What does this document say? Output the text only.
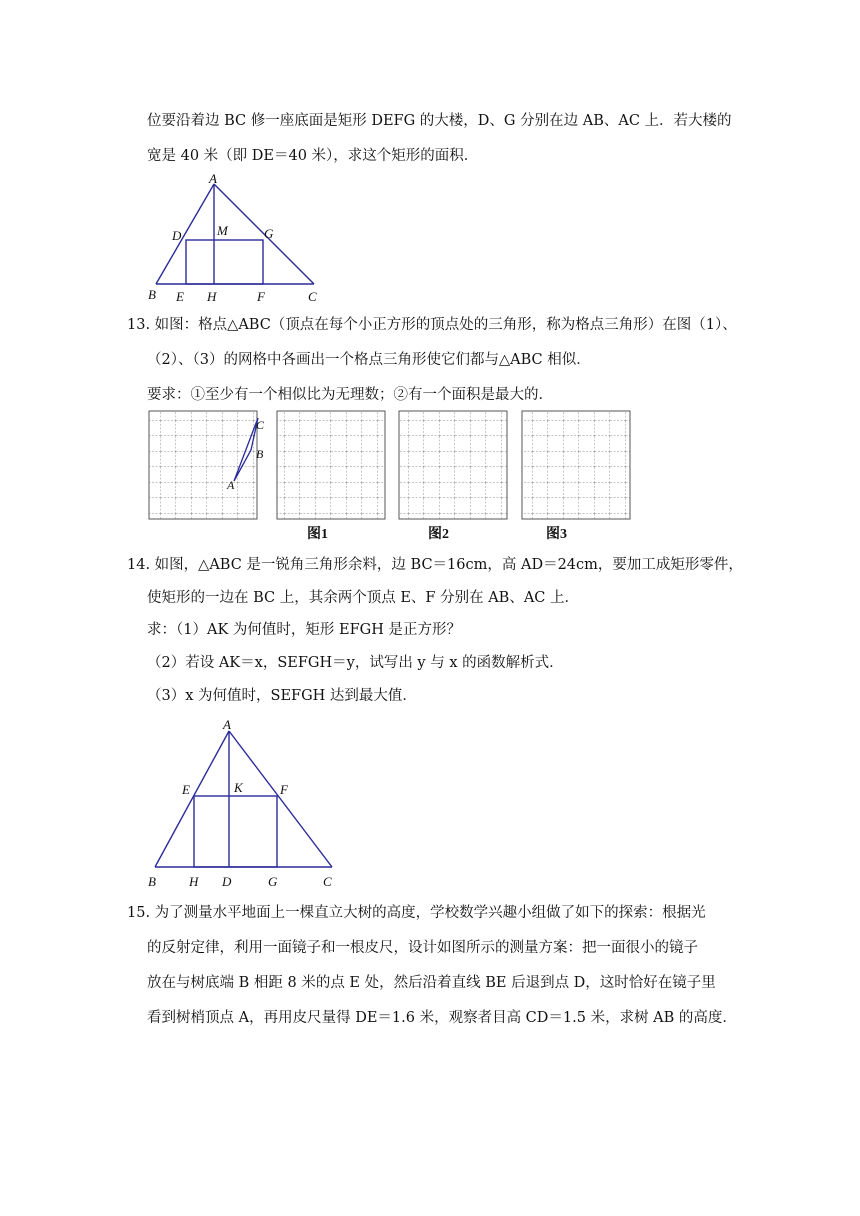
位要沿着边 BC 修一座底面是矩形 DEFG 的大楼，D、G 分别在边 AB、AC 上．若大楼的
宽是 40 米（即 DE＝40 米），求这个矩形的面积．
A
D	M	G
B E H	F	C
13. 如图：格点△ABC（顶点在每个小正方形的顶点处的三角形，称为格点三角形）在图（1）、
（2）、（3）的网格中各画出一个格点三角形使它们都与△ABC 相似．
要求：①至少有一个相似比为无理数；②有一个面积是最大的．
C
B
A
图1	图2	图3
14. 如图，△ABC 是一锐角三角形余料，边 BC＝16cm，高 AD＝24cm，要加工成矩形零件，
使矩形的一边在 BC 上，其余两个顶点 E、F 分别在 AB、AC 上．
求：（1）AK 为何值时，矩形 EFGH 是正方形？
（2）若设 AK＝x，SEFGH＝y，试写出 y 与 x 的函数解析式．
（3）x 为何值时，SEFGH 达到最大值．
A
E	K	F
B	H D	G	C
15. 为了测量水平地面上一棵直立大树的高度，学校数学兴趣小组做了如下的探索：根据光
的反射定律，利用一面镜子和一根皮尺，设计如图所示的测量方案：把一面很小的镜子
放在与树底端 B 相距 8 米的点 E 处，然后沿着直线 BE 后退到点 D，这时恰好在镜子里
看到树梢顶点 A，再用皮尺量得 DE＝1.6 米，观察者目高 CD＝1.5 米，求树 AB 的高度．
